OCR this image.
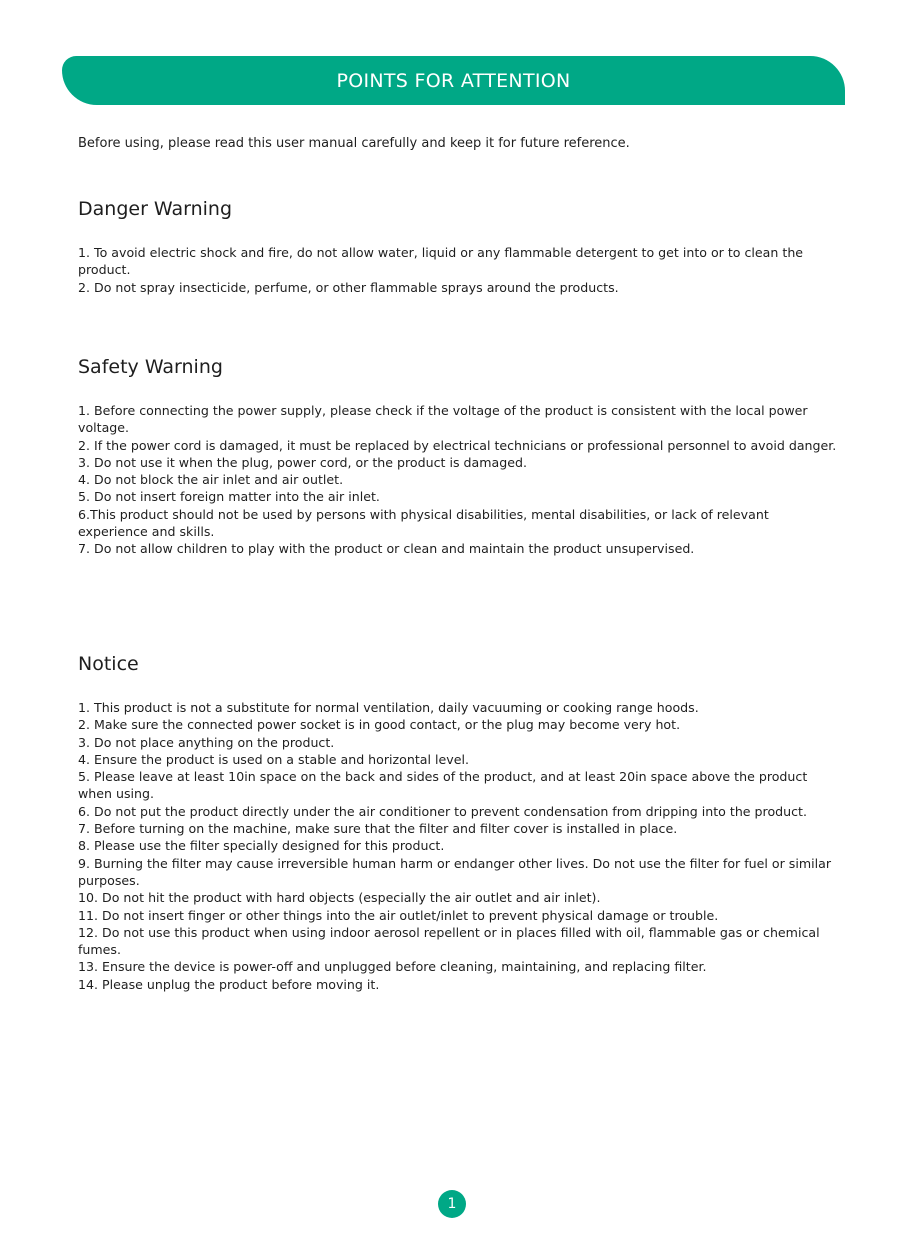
POINTS FOR ATTENTION

Before using, please read this user manual carefully and keep it for future reference.

Danger Warning
1. To avoid electric shock and fire, do not allow water, liquid or any flammable detergent to get into or to clean the product.
2. Do not spray insecticide, perfume, or other flammable sprays around the products.
Safety Warning
1. Before connecting the power supply, please check if the voltage of the product is consistent with the local power voltage.
2. If the power cord is damaged, it must be replaced by electrical technicians or professional personnel to avoid danger.
3. Do not use it when the plug, power cord, or the product is damaged.
4. Do not block the air inlet and air outlet.
5. Do not insert foreign matter into the air inlet.
6.This product should not be used by persons with physical disabilities, mental disabilities, or lack of relevant experience and skills.
7. Do not allow children to play with the product or clean and maintain the product unsupervised.
Notice
1. This product is not a substitute for normal ventilation, daily vacuuming or cooking range hoods.
2. Make sure the connected power socket is in good contact, or the plug may become very hot.
3. Do not place anything on the product.
4. Ensure the product is used on a stable and horizontal level.
5. Please leave at least 10in space on the back and sides of the product, and at least 20in space above the product when using.
6. Do not put the product directly under the air conditioner to prevent condensation from dripping into the product.
7. Before turning on the machine, make sure that the filter and filter cover is installed in place.
8. Please use the filter specially designed for this product.
9. Burning the filter may cause irreversible human harm or endanger other lives. Do not use the filter for fuel or similar purposes.
10. Do not hit the product with hard objects (especially the air outlet and air inlet).
11. Do not insert finger or other things into the air outlet/inlet to prevent physical damage or trouble.
12. Do not use this product when using indoor aerosol repellent or in places filled with oil, flammable gas or chemical fumes.
13. Ensure the device is power-off and unplugged before cleaning, maintaining, and replacing filter.
14. Please unplug the product before moving it.
1
